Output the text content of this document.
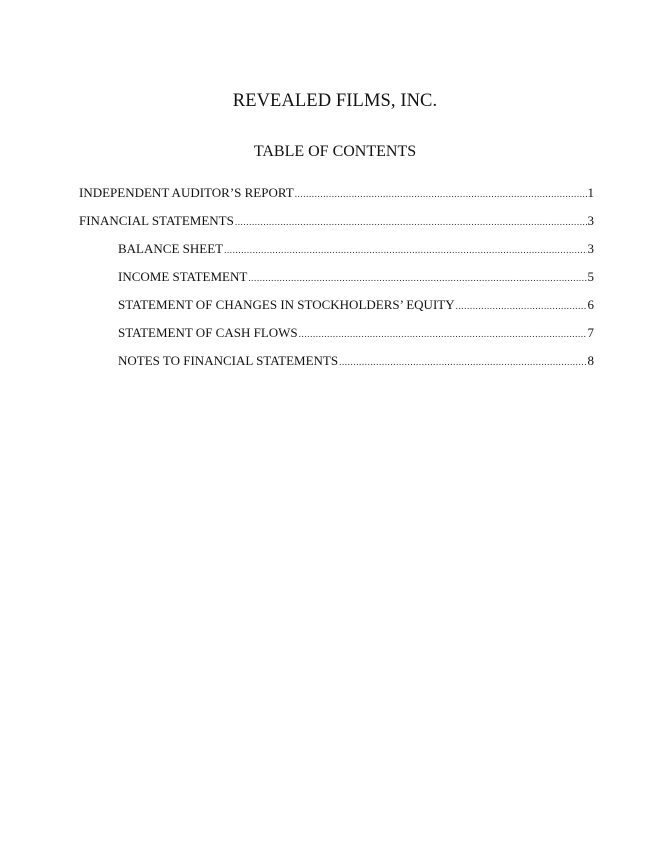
REVEALED FILMS, INC.
TABLE OF CONTENTS
INDEPENDENT AUDITOR’S REPORT .....	1
FINANCIAL STATEMENTS .....	3
BALANCE SHEET .....	3
INCOME STATEMENT .....	5
STATEMENT OF CHANGES IN STOCKHOLDERS’ EQUITY .....	6
STATEMENT OF CASH FLOWS .....	7
NOTES TO FINANCIAL STATEMENTS .....	8
